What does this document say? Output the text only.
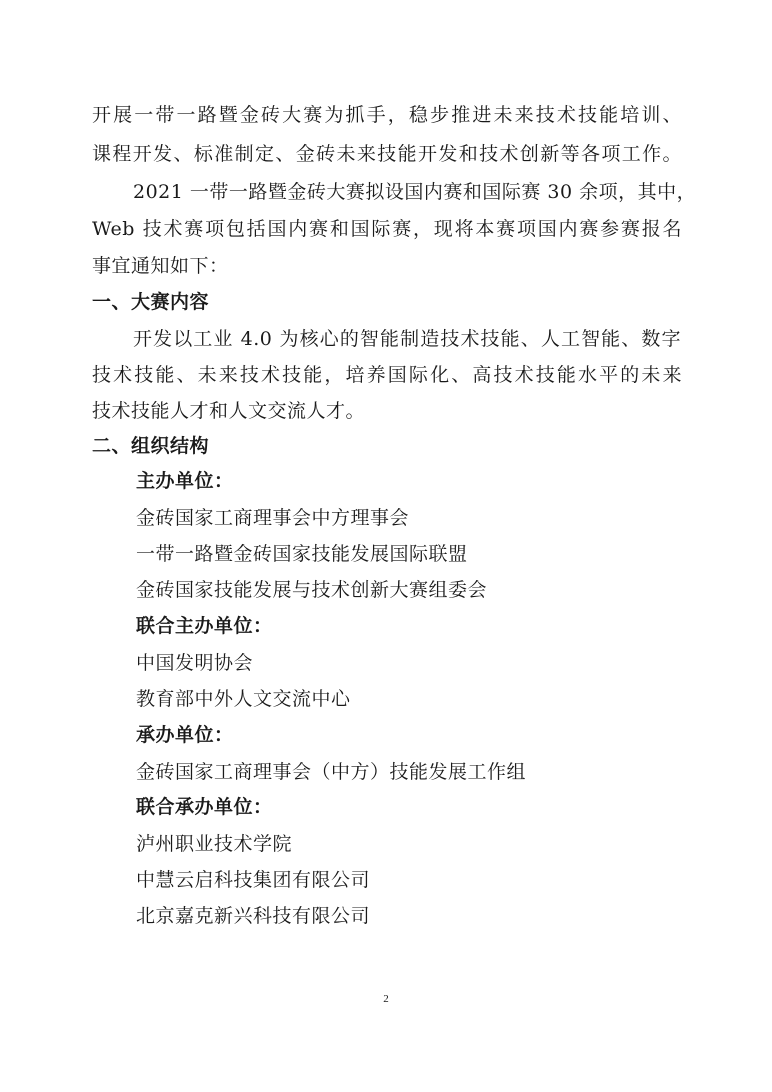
开展一带一路暨金砖大赛为抓手，稳步推进未来技术技能培训、
课程开发、标准制定、金砖未来技能开发和技术创新等各项工作。
2021 一带一路暨金砖大赛拟设国内赛和国际赛 30 余项，其中，
Web 技术赛项包括国内赛和国际赛，现将本赛项国内赛参赛报名
事宜通知如下：
一、大赛内容
开发以工业 4.0 为核心的智能制造技术技能、人工智能、数字
技术技能、未来技术技能，培养国际化、高技术技能水平的未来
技术技能人才和人文交流人才。
二、组织结构
主办单位：
金砖国家工商理事会中方理事会
一带一路暨金砖国家技能发展国际联盟
金砖国家技能发展与技术创新大赛组委会
联合主办单位：
中国发明协会
教育部中外人文交流中心
承办单位：
金砖国家工商理事会（中方）技能发展工作组
联合承办单位：
泸州职业技术学院
中慧云启科技集团有限公司
北京嘉克新兴科技有限公司
2
